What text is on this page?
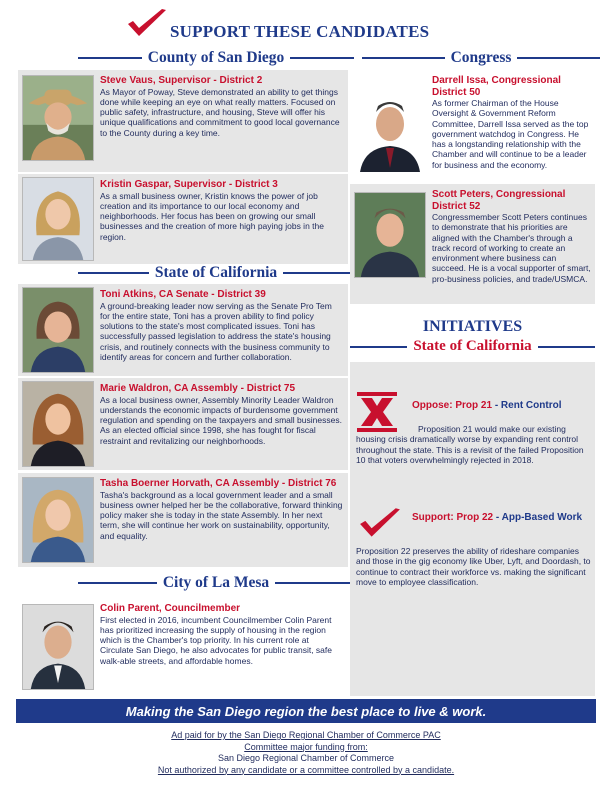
SUPPORT THESE CANDIDATES
County of San Diego
Steve Vaus, Supervisor - District 2
As Mayor of Poway, Steve demonstrated an ability to get things done while keeping an eye on what really matters. Focused on public safety, infrastructure, and housing, Steve will offer his unique qualifications and commitment to good local governance to the County during a key time.
Kristin Gaspar, Supervisor - District 3
As a small business owner, Kristin knows the power of job creation and its importance to our local economy and neighborhoods. Her focus has been on growing our small businesses and the creation of more high paying jobs in the region.
State of California
Toni Atkins, CA Senate - District 39
A ground-breaking leader now serving as the Senate Pro Tem for the entire state, Toni has a proven ability to find policy solutions to the state's most complicated issues. Toni has successfully passed legislation to address the state's housing crisis, and routinely connects with the business community to identify areas for concern and further collaboration.
Marie Waldron, CA Assembly - District 75
As a local business owner, Assembly Minority Leader Waldron understands the economic impacts of burdensome government regulation and spending on the taxpayers and small businesses. As an elected official since 1998, she has fought for fiscal restraint and revitalizing our neighborhoods.
Tasha Boerner Horvath, CA Assembly - District 76
Tasha's background as a local government leader and a small business owner helped her be the collaborative, forward thinking policy maker she is today in the state Assembly. In her next term, she will continue her work on sustainability, opportunity, and equality.
City of La Mesa
Colin Parent, Councilmember
First elected in 2016, incumbent Councilmember Colin Parent has prioritized increasing the supply of housing in the region which is the Chamber's top priority. In his current role at Circulate San Diego, he also advocates for public transit, safe walk-able streets, and affordable homes.
Congress
Darrell Issa, Congressional District 50
As former Chairman of the House Oversight & Government Reform Committee, Darrell Issa served as the top government watchdog in Congress. He has a longstanding relationship with the Chamber and will continue to be a leader for business and the economy.
Scott Peters, Congressional District 52
Congressmember Scott Peters continues to demonstrate that his priorities are aligned with the Chamber's through a track record of working to create an environment where business can succeed. He is a vocal supporter of smart, pro-business policies, and trade/USMCA.
INITIATIVES
State of California
Oppose: Prop 21 - Rent Control
Proposition 21 would make our existing housing crisis dramatically worse by expanding rent control throughout the state. This is a revisit of the failed Proposition 10 that voters overwhelmingly rejected in 2018.
Support: Prop 22 - App-Based Work
Proposition 22 preserves the ability of rideshare companies and those in the gig economy like Uber, Lyft, and Doordash, to continue to contract their workforce vs. making the significant move to employee classification.
Making the San Diego region the best place to live & work.
Ad paid for by the San Diego Regional Chamber of Commerce PAC
Committee major funding from:
San Diego Regional Chamber of Commerce
Not authorized by any candidate or a committee controlled by a candidate.
